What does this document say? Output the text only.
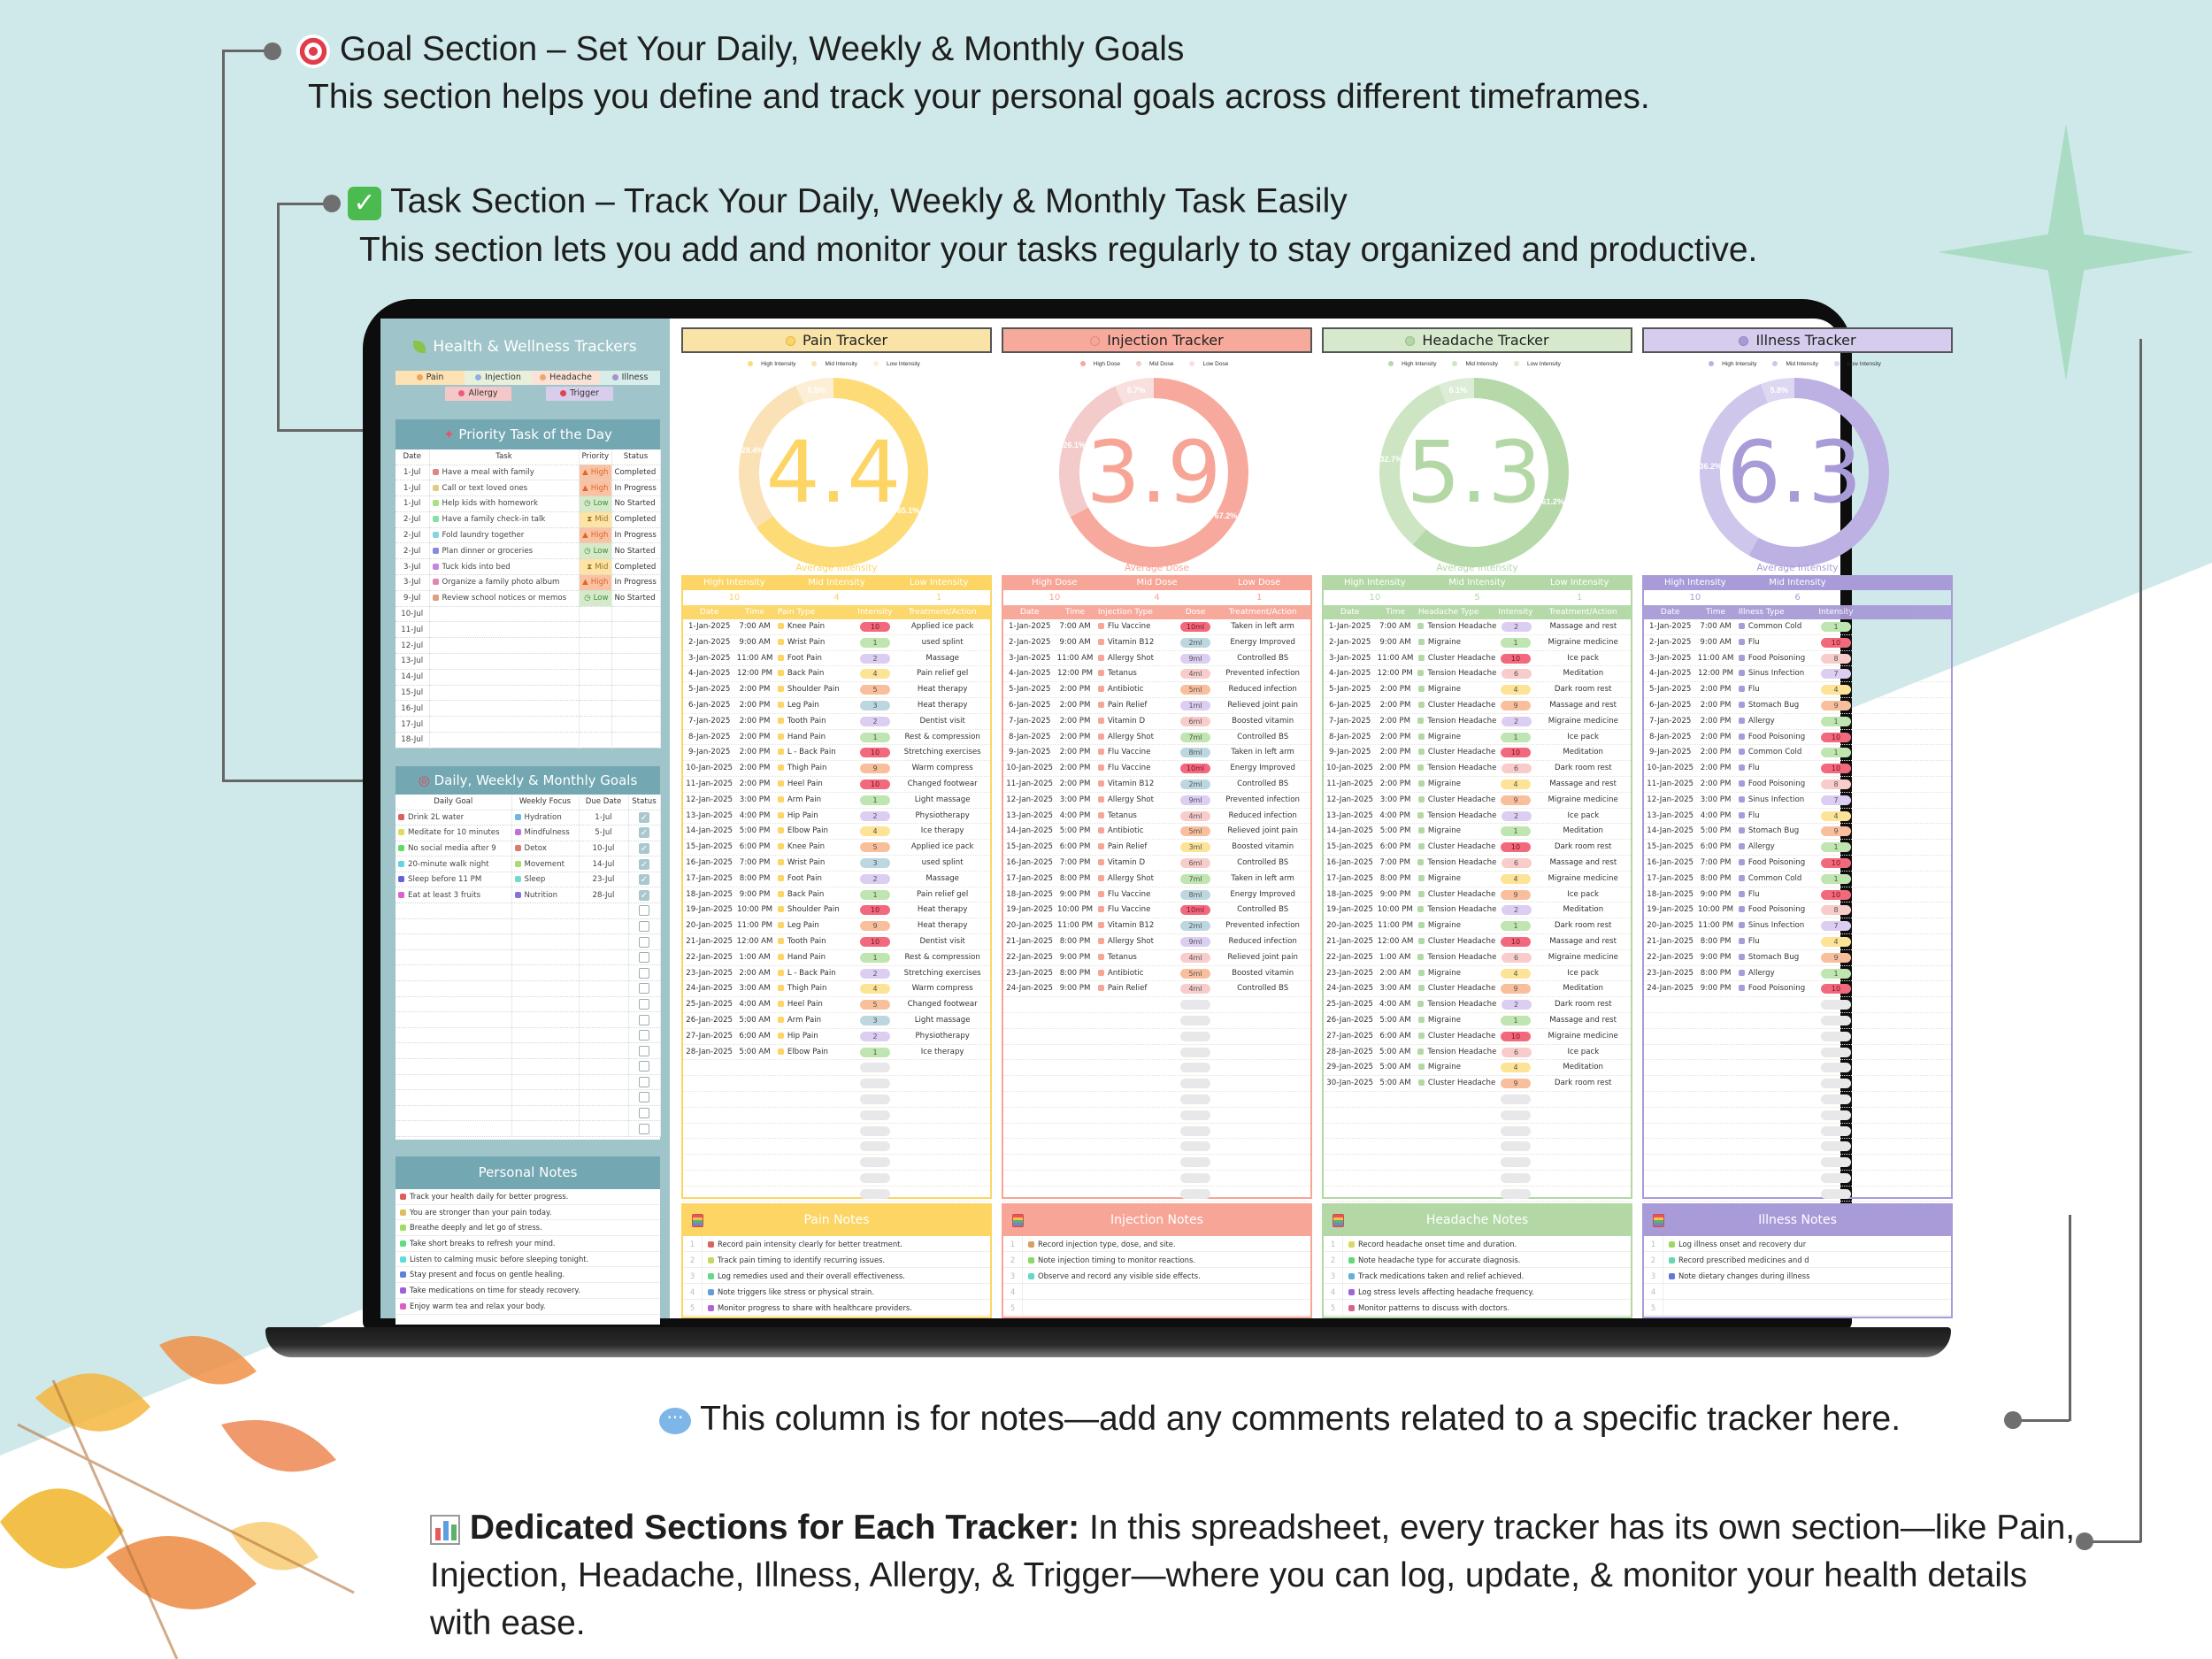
Goal Section – Set Your Daily, Weekly & Monthly Goals
This section helps you define and track your personal goals across different timeframes.
✓ Task Section – Track Your Daily, Weekly & Monthly Task Easily
This section lets you add and monitor your tasks regularly to stay organized and productive.
Health & Wellness Trackers
Pain	Injection	Headache	Illness
Allergy	Trigger
✦ Priority Task of the Day
Date	Task	Priority	Status
1-Jul	Have a meal with family	▲ High	Completed
1-Jul	Call or text loved ones	▲ High	In Progress
1-Jul	Help kids with homework	◷ Low	No Started
2-Jul	Have a family check-in talk	⧗ Mid	Completed
2-Jul	Fold laundry together	▲ High	In Progress
2-Jul	Plan dinner or groceries	◷ Low	No Started
3-Jul	Tuck kids into bed	⧗ Mid	Completed
3-Jul	Organize a family photo album	▲ High	In Progress
9-Jul	Review school notices or memos	◷ Low	No Started
10-Jul			
11-Jul			
12-Jul			
13-Jul			
14-Jul			
15-Jul			
16-Jul			
17-Jul			
18-Jul			
◎ Daily, Weekly & Monthly Goals
Daily Goal	Weekly Focus	Due Date	Status
Drink 2L water	Hydration	1-Jul	✓
Meditate for 10 minutes	Mindfulness	5-Jul	✓
No social media after 9	Detox	10-Jul	✓
20-minute walk night	Movement	14-Jul	✓
Sleep before 11 PM	Sleep	23-Jul	✓
Eat at least 3 fruits	Nutrition	28-Jul	✓

Personal Notes
Track your health daily for better progress.
You are stronger than your pain today.
Breathe deeply and let go of stress.
Take short breaks to refresh your mind.
Listen to calming music before sleeping tonight.
Stay present and focus on gentle healing.
Take medications on time for steady recovery.
Enjoy warm tea and relax your body.
Pain Tracker
High Intensity	Mid Intensity	Low Intensity
65.1%
28.4%
6.5%
4.4
Average Intensity
High Intensity	Mid Intensity	Low Intensity
10	4	1
Date	Time	Pain Type	Intensity	Treatment/Action
1-Jan-2025	7:00 AM	Knee Pain	10	Applied ice pack
2-Jan-2025	9:00 AM	Wrist Pain	1	used splint
3-Jan-2025 11:00 AM	Foot Pain	2	Massage
4-Jan-2025 12:00 PM	Back Pain	4	Pain relief gel
5-Jan-2025	2:00 PM	Shoulder Pain	5	Heat therapy
6-Jan-2025	2:00 PM	Leg Pain	3	Heat therapy
7-Jan-2025	2:00 PM	Tooth Pain	2	Dentist visit
8-Jan-2025	2:00 PM	Hand Pain	1	Rest & compression
9-Jan-2025	2:00 PM	L - Back Pain	10	Stretching exercises
10-Jan-2025 2:00 PM	Thigh Pain	9	Warm compress
11-Jan-2025 2:00 PM	Heel Pain	10	Changed footwear
12-Jan-2025 3:00 PM	Arm Pain	1	Light massage
13-Jan-2025 4:00 PM	Hip Pain	2	Physiotherapy
14-Jan-2025 5:00 PM	Elbow Pain	4	Ice therapy
15-Jan-2025 6:00 PM	Knee Pain	5	Applied ice pack
16-Jan-2025 7:00 PM	Wrist Pain	3	used splint
17-Jan-2025 8:00 PM	Foot Pain	2	Massage
18-Jan-2025 9:00 PM	Back Pain	1	Pain relief gel
19-Jan-2025 10:00 PM	Shoulder Pain	10	Heat therapy
20-Jan-2025 11:00 PM	Leg Pain	9	Heat therapy
21-Jan-2025 12:00 AM	Tooth Pain	10	Dentist visit
22-Jan-2025 1:00 AM	Hand Pain	1	Rest & compression
23-Jan-2025 2:00 AM	L - Back Pain	2	Stretching exercises
24-Jan-2025 3:00 AM	Thigh Pain	4	Warm compress
25-Jan-2025 4:00 AM	Heel Pain	5	Changed footwear
26-Jan-2025 5:00 AM	Arm Pain	3	Light massage
27-Jan-2025 6:00 AM	Hip Pain	2	Physiotherapy
28-Jan-2025 5:00 AM	Elbow Pain	1	Ice therapy
Pain Notes
1	Record pain intensity clearly for better treatment.
2	Track pain timing to identify recurring issues.
3	Log remedies used and their overall effectiveness.
4	Note triggers like stress or physical strain.
5	Monitor progress to share with healthcare providers.
Injection Tracker
High Dose	Mid Dose	Low Dose
67.2%
26.1%
6.7%
3.9
Average Dose
High Dose	Mid Dose	Low Dose
10	4	1
Date	Time	Injection Type	Dose	Treatment/Action
1-Jan-2025	7:00 AM	Flu Vaccine	10ml	Taken in left arm
2-Jan-2025	9:00 AM	Vitamin B12	2ml	Energy Improved
3-Jan-2025 11:00 AM	Allergy Shot	9ml	Controlled BS
4-Jan-2025 12:00 PM	Tetanus	4ml	Prevented infection
5-Jan-2025	2:00 PM	Antibiotic	5ml	Reduced infection
6-Jan-2025	2:00 PM	Pain Relief	1ml	Relieved joint pain
7-Jan-2025	2:00 PM	Vitamin D	6ml	Boosted vitamin
8-Jan-2025	2:00 PM	Allergy Shot	7ml	Controlled BS
9-Jan-2025	2:00 PM	Flu Vaccine	8ml	Taken in left arm
10-Jan-2025 2:00 PM	Flu Vaccine	10ml	Energy Improved
11-Jan-2025 2:00 PM	Vitamin B12	2ml	Controlled BS
12-Jan-2025 3:00 PM	Allergy Shot	9ml	Prevented infection
13-Jan-2025 4:00 PM	Tetanus	4ml	Reduced infection
14-Jan-2025 5:00 PM	Antibiotic	5ml	Relieved joint pain
15-Jan-2025 6:00 PM	Pain Relief	3ml	Boosted vitamin
16-Jan-2025 7:00 PM	Vitamin D	6ml	Controlled BS
17-Jan-2025 8:00 PM	Allergy Shot	7ml	Taken in left arm
18-Jan-2025 9:00 PM	Flu Vaccine	8ml	Energy Improved
19-Jan-2025 10:00 PM	Flu Vaccine	10ml	Controlled BS
20-Jan-2025 11:00 PM	Vitamin B12	2ml	Prevented infection
21-Jan-2025 8:00 PM	Allergy Shot	9ml	Reduced infection
22-Jan-2025 9:00 PM	Tetanus	4ml	Relieved joint pain
23-Jan-2025 8:00 PM	Antibiotic	5ml	Boosted vitamin
24-Jan-2025 9:00 PM	Pain Relief	4ml	Controlled BS
Injection Notes
1	Record injection type, dose, and site.
2	Note injection timing to monitor reactions.
3	Observe and record any visible side effects.
4
5
Headache Tracker
High Intensity	Mid Intensity	Low Intensity
61.2%
32.7%
6.1%
5.3
Average Intensity
High Intensity	Mid Intensity	Low Intensity
10	5	1
Date	Time	Headache Type	Intensity	Treatment/Action
1-Jan-2025	7:00 AM	Tension Headache	2	Massage and rest
2-Jan-2025	9:00 AM	Migraine	1	Migraine medicine
3-Jan-2025 11:00 AM	Cluster Headache	10	Ice pack
4-Jan-2025 12:00 PM	Tension Headache	6	Meditation
5-Jan-2025	2:00 PM	Migraine	4	Dark room rest
6-Jan-2025	2:00 PM	Cluster Headache	9	Massage and rest
7-Jan-2025	2:00 PM	Tension Headache	2	Migraine medicine
8-Jan-2025	2:00 PM	Migraine	1	Ice pack
9-Jan-2025	2:00 PM	Cluster Headache	10	Meditation
10-Jan-2025 2:00 PM	Tension Headache	6	Dark room rest
11-Jan-2025 2:00 PM	Migraine	4	Massage and rest
12-Jan-2025 3:00 PM	Cluster Headache	9	Migraine medicine
13-Jan-2025 4:00 PM	Tension Headache	2	Ice pack
14-Jan-2025 5:00 PM	Migraine	1	Meditation
15-Jan-2025 6:00 PM	Cluster Headache	10	Dark room rest
16-Jan-2025 7:00 PM	Tension Headache	6	Massage and rest
17-Jan-2025 8:00 PM	Migraine	4	Migraine medicine
18-Jan-2025 9:00 PM	Cluster Headache	9	Ice pack
19-Jan-2025 10:00 PM	Tension Headache	2	Meditation
20-Jan-2025 11:00 PM	Migraine	1	Dark room rest
21-Jan-2025 12:00 AM	Cluster Headache	10	Massage and rest
22-Jan-2025 1:00 AM	Tension Headache	6	Migraine medicine
23-Jan-2025 2:00 AM	Migraine	4	Ice pack
24-Jan-2025 3:00 AM	Cluster Headache	9	Meditation
25-Jan-2025 4:00 AM	Tension Headache	2	Dark room rest
26-Jan-2025 5:00 AM	Migraine	1	Massage and rest
27-Jan-2025 6:00 AM	Cluster Headache	10	Migraine medicine
28-Jan-2025 5:00 AM	Tension Headache	6	Ice pack
29-Jan-2025 5:00 AM	Migraine	4	Meditation
30-Jan-2025 5:00 AM	Cluster Headache	9	Dark room rest
Headache Notes
1	Record headache onset time and duration.
2	Note headache type for accurate diagnosis.
3	Track medications taken and relief achieved.
4	Log stress levels affecting headache frequency.
5	Monitor patterns to discuss with doctors.
Illness Tracker
High Intensity	Mid Intensity	Low Intensity
36.2%
5.8%
6.3
Average Intensity
High Intensity	Mid Intensity
10	6
Date	Time	Illness Type	Intensity
1-Jan-2025	7:00 AM	Common Cold	1
2-Jan-2025	9:00 AM	Flu	10
3-Jan-2025 11:00 AM	Food Poisoning	8
4-Jan-2025 12:00 PM	Sinus Infection	7
5-Jan-2025	2:00 PM	Flu	4
6-Jan-2025	2:00 PM	Stomach Bug	9
7-Jan-2025	2:00 PM	Allergy	1
8-Jan-2025	2:00 PM	Food Poisoning	10
9-Jan-2025	2:00 PM	Common Cold	1
10-Jan-2025 2:00 PM	Flu	10
11-Jan-2025 2:00 PM	Food Poisoning	8
12-Jan-2025 3:00 PM	Sinus Infection	7
13-Jan-2025 4:00 PM	Flu	4
14-Jan-2025 5:00 PM	Stomach Bug	9
15-Jan-2025 6:00 PM	Allergy	1
16-Jan-2025 7:00 PM	Food Poisoning	10
17-Jan-2025 8:00 PM	Common Cold	1
18-Jan-2025 9:00 PM	Flu	10
19-Jan-2025 10:00 PM	Food Poisoning	8
20-Jan-2025 11:00 PM	Sinus Infection	7
21-Jan-2025 8:00 PM	Flu	4
22-Jan-2025 9:00 PM	Stomach Bug	9
23-Jan-2025 8:00 PM	Allergy	1
24-Jan-2025 9:00 PM	Food Poisoning	10
Illness Notes
1	Log illness onset and recovery dur
2	Record prescribed medicines and d
3	Note dietary changes during illness
4
5
··· This column is for notes—add any comments related to a specific tracker here.
Dedicated Sections for Each Tracker: In this spreadsheet, every tracker has its own section—like Pain, Injection, Headache, Illness, Allergy, & Trigger—where you can log, update, & monitor your health details with ease.
